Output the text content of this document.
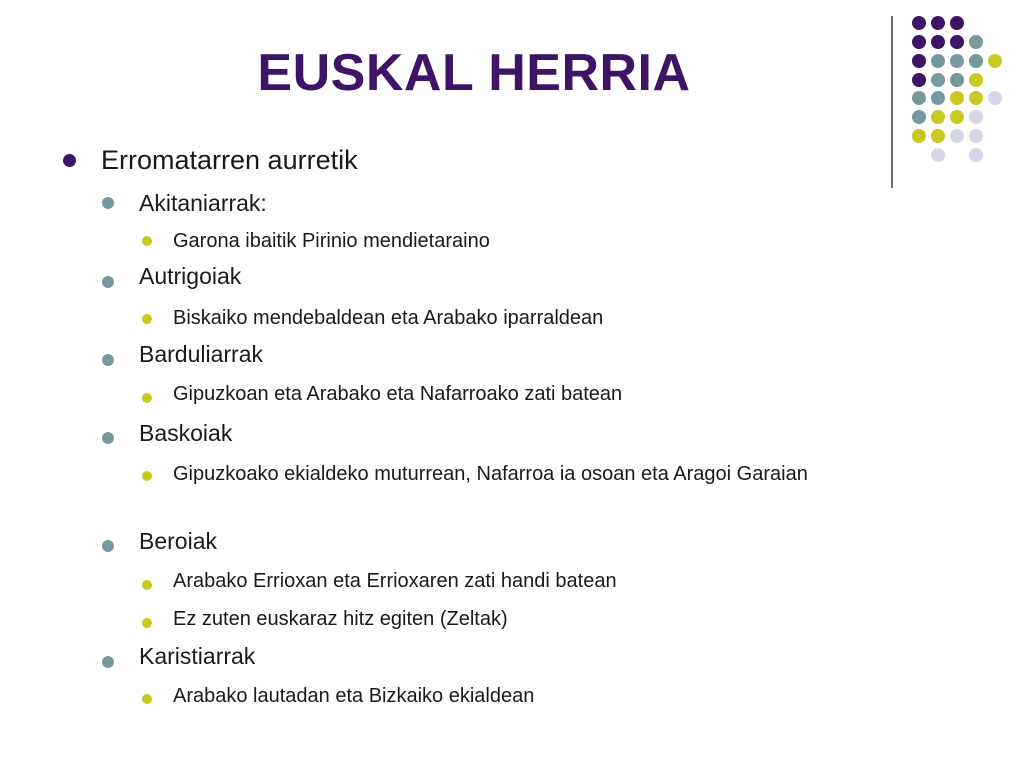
EUSKAL HERRIA
Erromatarren aurretik
Akitaniarrak:
Garona ibaitik Pirinio mendietaraino
Autrigoiak
Biskaiko mendebaldean eta Arabako iparraldean
Barduliarrak
Gipuzkoan eta Arabako eta Nafarroako zati batean
Baskoiak
Gipuzkoako ekialdeko muturrean, Nafarroa ia osoan eta Aragoi Garaian
Beroiak
Arabako Errioxan eta Errioxaren zati handi batean
Ez zuten euskaraz hitz egiten (Zeltak)
Karistiarrak
Arabako lautadan eta Bizkaiko ekialdean
